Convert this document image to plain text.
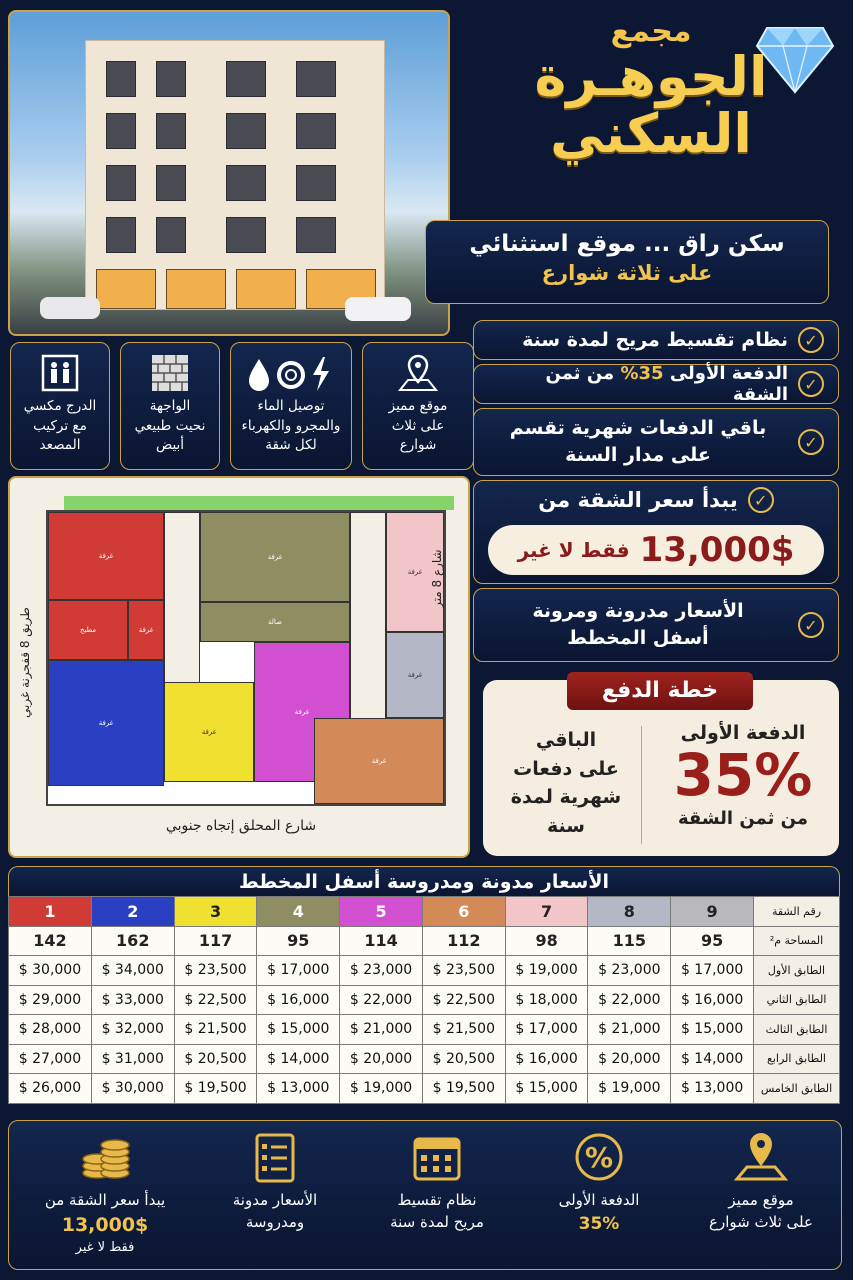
مجمع
الجوهـرة
السكني
سكن راق ... موقع استثنائي
على ثلاثة شوارع
✓
نظام تقسيط مريح لمدة سنة
✓
الدفعة الأولى 35% من ثمن الشقة
✓
باقي الدفعات شهرية تقسم
على مدار السنة
✓
يبدأ سعر الشقة من
13,000$
فقط لا غير
✓
الأسعار مدرونة ومرونة
أسفل المخطط
موقع مميز
على ثلاث
شوارع
توصيل الماء
والمجرو والكهرباء
لكل شقة
الواجهة
نحيت طبيعي
أبيض
الدرج مكسي
مع تركيب
المصعد
غرفة
مطبخ	غرفة
غرفة
غرفة
صالة
غرفة
غرفة
غرفة
غرفة
غرفة
شارع المحلق إتجاه جنوبي
شارع 8 متر
طريق 8 قفجرنة غربي
خطة الدفع
الدفعة الأولى
35%
من ثمن الشقة
الباقي
على دفعات
شهرية لمدة
سنة
الأسعار مدونة ومدروسة أسفل المخطط
رقم الشقة	9	8	7	6	5	4	3	2	1
المساحة م²	95	115	98	112	114	95	117	162	142
الطابق الأول	$ 17,000	$ 23,000	$ 19,000	$ 23,500	$ 23,000	$ 17,000	$ 23,500	$ 34,000	$ 30,000
الطابق الثاني	$ 16,000	$ 22,000	$ 18,000	$ 22,500	$ 22,000	$ 16,000	$ 22,500	$ 33,000	$ 29,000
الطابق الثالث	$ 15,000	$ 21,000	$ 17,000	$ 21,500	$ 21,000	$ 15,000	$ 21,500	$ 32,000	$ 28,000
الطابق الرابع	$ 14,000	$ 20,000	$ 16,000	$ 20,500	$ 20,000	$ 14,000	$ 20,500	$ 31,000	$ 27,000
الطابق الخامس	$ 13,000	$ 19,000	$ 15,000	$ 19,500	$ 19,000	$ 13,000	$ 19,500	$ 30,000	$ 26,000
موقع مميز
على ثلاث شوارع
%
الدفعة الأولى
35%
نظام تقسيط
مريح لمدة سنة
الأسعار مدونة
ومدروسة
يبدأ سعر الشقة من
13,000$
فقط لا غير
